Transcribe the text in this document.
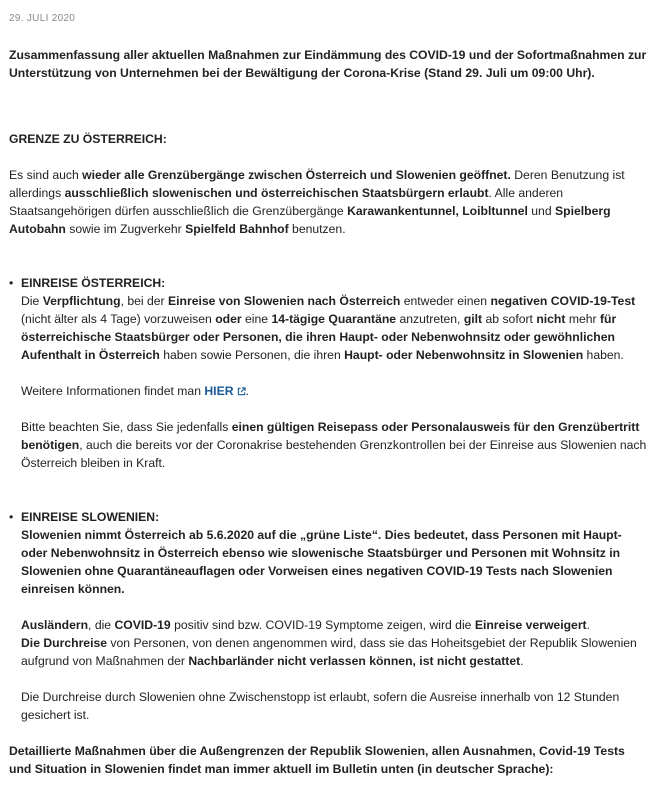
29. JULI 2020

Zusammenfassung aller aktuellen Maßnahmen zur Eindämmung des COVID-19 und der Sofortmaßnahmen zur Unterstützung von Unternehmen bei der Bewältigung der Corona-Krise (Stand 29. Juli um 09:00 Uhr).

GRENZE ZU ÖSTERREICH:

Es sind auch wieder alle Grenzübergänge zwischen Österreich und Slowenien geöffnet. Deren Benutzung ist allerdings ausschließlich slowenischen und österreichischen Staatsbürgern erlaubt. Alle anderen Staatsangehörigen dürfen ausschließlich die Grenzübergänge Karawankentunnel, Loibltunnel und Spielberg Autobahn sowie im Zugverkehr Spielfeld Bahnhof benutzen.

• EINREISE ÖSTERREICH:

Die Verpflichtung, bei der Einreise von Slowenien nach Österreich entweder einen negativen COVID-19-Test (nicht älter als 4 Tage) vorzuweisen oder eine 14-tägige Quarantäne anzutreten, gilt ab sofort nicht mehr für österreichische Staatsbürger oder Personen, die ihren Haupt- oder Nebenwohnsitz oder gewöhnlichen Aufenthalt in Österreich haben sowie Personen, die ihren Haupt- oder Nebenwohnsitz in Slowenien haben.

Weitere Informationen findet man HIER .

Bitte beachten Sie, dass Sie jedenfalls einen gültigen Reisepass oder Personalausweis für den Grenzübertritt benötigen, auch die bereits vor der Coronakrise bestehenden Grenzkontrollen bei der Einreise aus Slowenien nach Österreich bleiben in Kraft.

• EINREISE SLOWENIEN:

Slowenien nimmt Österreich ab 5.6.2020 auf die „grüne Liste“. Dies bedeutet, dass Personen mit Haupt- oder Nebenwohnsitz in Österreich ebenso wie slowenische Staatsbürger und Personen mit Wohnsitz in Slowenien ohne Quarantäneauflagen oder Vorweisen eines negativen COVID-19 Tests nach Slowenien einreisen können.

Ausländern, die COVID-19 positiv sind bzw. COVID-19 Symptome zeigen, wird die Einreise verweigert.
Die Durchreise von Personen, von denen angenommen wird, dass sie das Hoheitsgebiet der Republik Slowenien aufgrund von Maßnahmen der Nachbarländer nicht verlassen können, ist nicht gestattet.

Die Durchreise durch Slowenien ohne Zwischenstopp ist erlaubt, sofern die Ausreise innerhalb von 12 Stunden gesichert ist.

Detaillierte Maßnahmen über die Außengrenzen der Republik Slowenien, allen Ausnahmen, Covid-19 Tests und Situation in Slowenien findet man immer aktuell im Bulletin unten (in deutscher Sprache):
